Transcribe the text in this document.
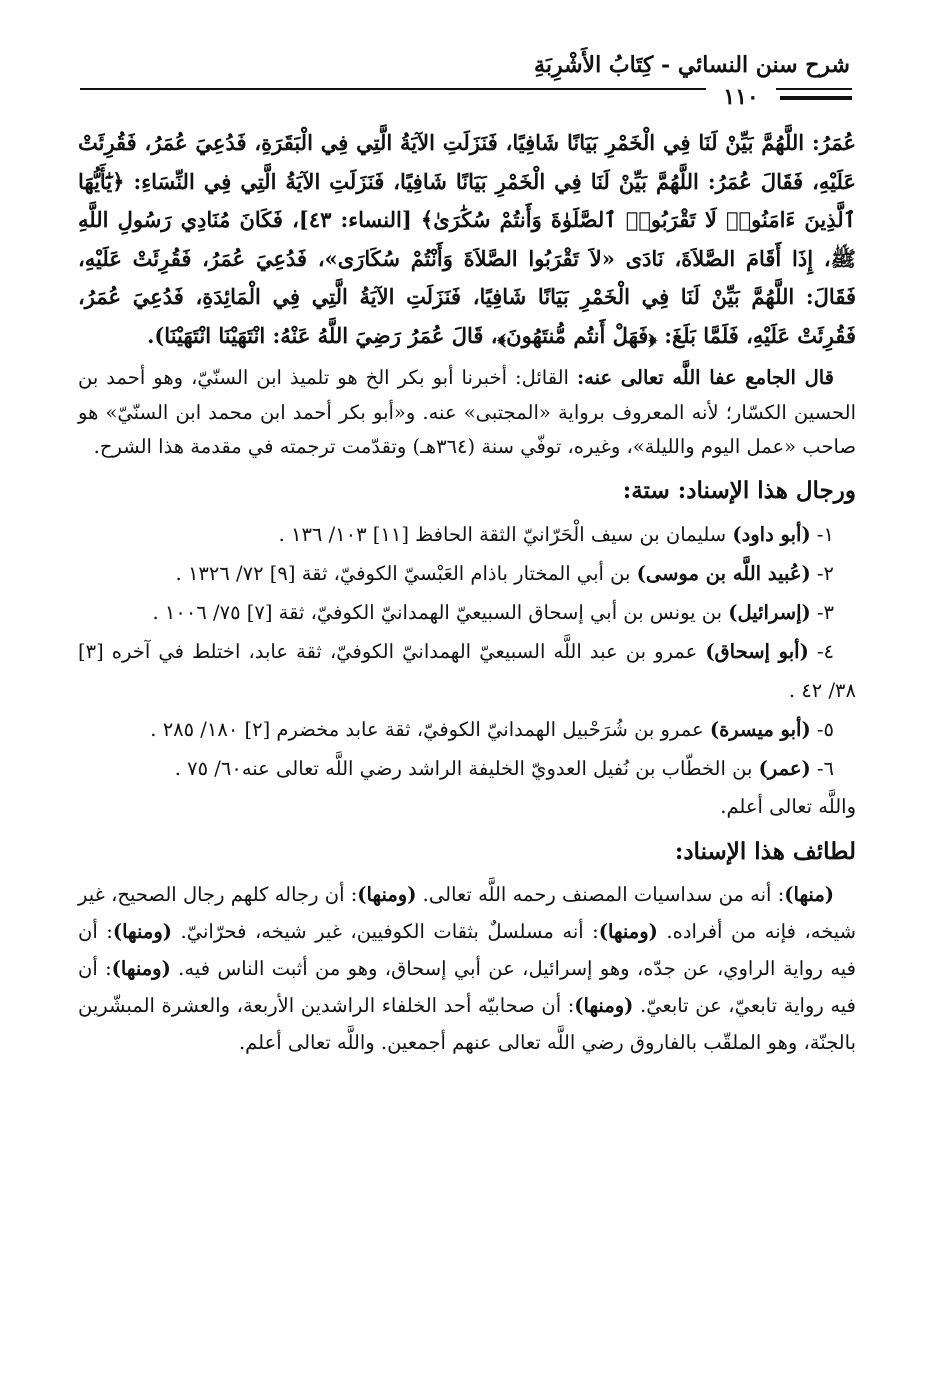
شرح سنن النسائي - كِتَابُ الأَشْرِبَةِ
١١٠

عُمَرُ: اللَّهُمَّ بَيِّنْ لَنَا فِي الْخَمْرِ بَيَانًا شَافِيًا، فَنَزَلَتِ الآيَةُ الَّتِي فِي الْبَقَرَةِ، فَدُعِيَ عُمَرُ، فَقُرِئَتْ عَلَيْهِ، فَقَالَ عُمَرُ: اللَّهُمَّ بَيِّنْ لَنَا فِي الْخَمْرِ بَيَانًا شَافِيًا، فَنَزَلَتِ الآيَةُ الَّتِي فِي النِّسَاءِ: ﴿يَٰٓأَيُّهَا ٱلَّذِينَ ءَامَنُوا۟ لَا تَقْرَبُوا۟ ٱلصَّلَوٰةَ وَأَنتُمْ سُكَٰرَىٰ﴾ [النساء: ٤٣]، فَكَانَ مُنَادِي رَسُولِ اللَّهِ ﷺ، إِذَا أَقَامَ الصَّلاَةَ، نَادَى «لاَ تَقْرَبُوا الصَّلاَةَ وَأَنْتُمْ سُكَارَى»، فَدُعِيَ عُمَرُ، فَقُرِئَتْ عَلَيْهِ، فَقَالَ: اللَّهُمَّ بَيِّنْ لَنَا فِي الْخَمْرِ بَيَانًا شَافِيًا، فَنَزَلَتِ الآيَةُ الَّتِي فِي الْمَائِدَةِ، فَدُعِيَ عُمَرُ، فَقُرِئَتْ عَلَيْهِ، فَلَمَّا بَلَغَ: ﴿فَهَلْ أَنتُم مُّنتَهُونَ﴾، قَالَ عُمَرُ رَضِيَ اللَّهُ عَنْهُ: انْتَهَيْنَا انْتَهَيْنَا).

قال الجامع عفا اللَّه تعالى عنه: القائل: أخبرنا أبو بكر الخ هو تلميذ ابن السنّيّ، وهو أحمد بن الحسين الكسّار؛ لأنه المعروف برواية «المجتبى» عنه. و«أبو بكر أحمد ابن محمد ابن السنّيّ» هو صاحب «عمل اليوم والليلة»، وغيره، توفّي سنة (٣٦٤هـ) وتقدّمت ترجمته في مقدمة هذا الشرح.

ورجال هذا الإسناد: ستة:

١- (أبو داود) سليمان بن سيف الْحَرّانيّ الثقة الحافظ [١١] ١٠٣/ ١٣٦ .

٢- (عُبيد اللَّه بن موسى) بن أبي المختار باذام العَبْسيّ الكوفيّ، ثقة [٩] ٧٢/ ١٣٢٦ .

٣- (إسرائيل) بن يونس بن أبي إسحاق السبيعيّ الهمدانيّ الكوفيّ، ثقة [٧] ٧٥/ ١٠٠٦ .

٤- (أبو إسحاق) عمرو بن عبد اللَّه السبيعيّ الهمدانيّ الكوفيّ، ثقة عابد، اختلط في آخره [٣] ٣٨/ ٤٢ .

٥- (أبو ميسرة) عمرو بن شُرَحْبيل الهمدانيّ الكوفيّ، ثقة عابد مخضرم [٢] ١٨٠/ ٢٨٥ .

٦- (عمر) بن الخطّاب بن نُفيل العدويّ الخليفة الراشد رضي اللَّه تعالى عنه٦٠/ ٧٥ .

واللَّه تعالى أعلم.

لطائف هذا الإسناد:

(منها): أنه من سداسيات المصنف رحمه اللَّه تعالى. (ومنها): أن رجاله كلهم رجال الصحيح، غير شيخه، فإنه من أفراده. (ومنها): أنه مسلسلٌ بثقات الكوفيين، غير شيخه، فحرّانيّ. (ومنها): أن فيه رواية الراوي، عن جدّه، وهو إسرائيل، عن أبي إسحاق، وهو من أثبت الناس فيه. (ومنها): أن فيه رواية تابعيّ، عن تابعيّ. (ومنها): أن صحابيّه أحد الخلفاء الراشدين الأربعة، والعشرة المبشّرين بالجنّة، وهو الملقّب بالفاروق رضي اللَّه تعالى عنهم أجمعين. واللَّه تعالى أعلم.
